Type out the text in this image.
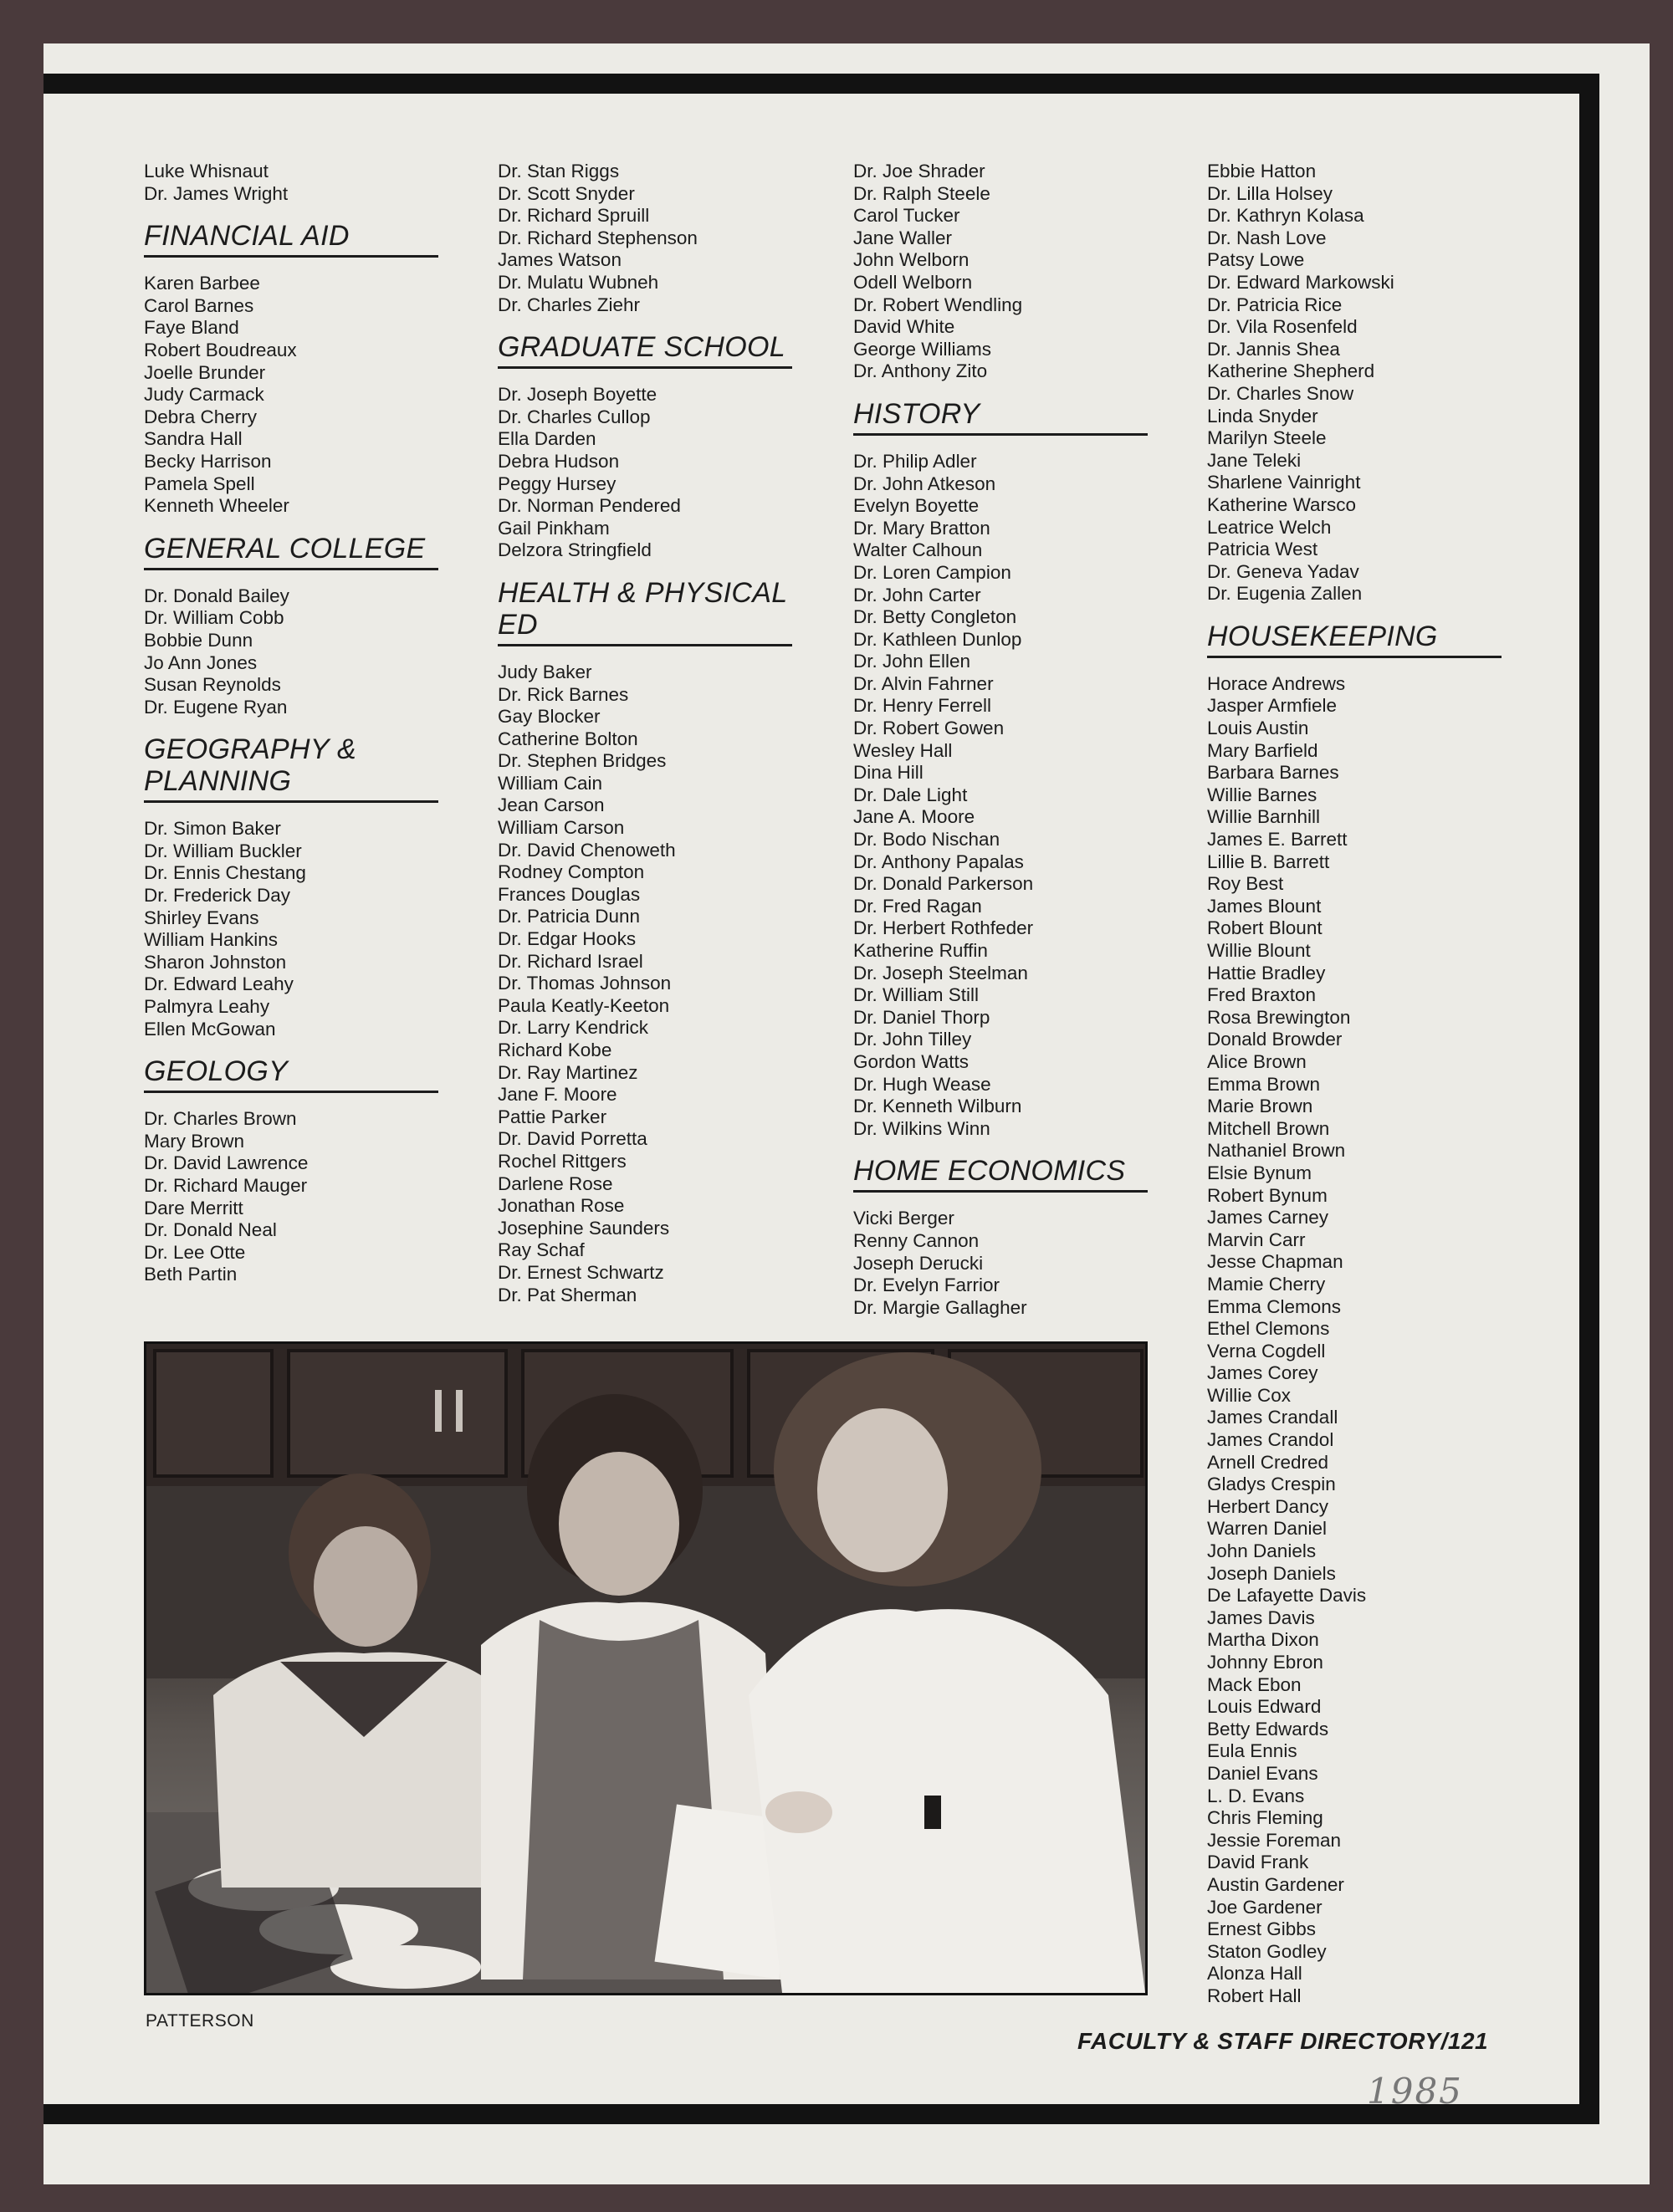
Luke Whisnaut
Dr. James Wright
FINANCIAL AID
Karen Barbee
Carol Barnes
Faye Bland
Robert Boudreaux
Joelle Brunder
Judy Carmack
Debra Cherry
Sandra Hall
Becky Harrison
Pamela Spell
Kenneth Wheeler
GENERAL COLLEGE
Dr. Donald Bailey
Dr. William Cobb
Bobbie Dunn
Jo Ann Jones
Susan Reynolds
Dr. Eugene Ryan
GEOGRAPHY & PLANNING
Dr. Simon Baker
Dr. William Buckler
Dr. Ennis Chestang
Dr. Frederick Day
Shirley Evans
William Hankins
Sharon Johnston
Dr. Edward Leahy
Palmyra Leahy
Ellen McGowan
GEOLOGY
Dr. Charles Brown
Mary Brown
Dr. David Lawrence
Dr. Richard Mauger
Dare Merritt
Dr. Donald Neal
Dr. Lee Otte
Beth Partin
Dr. Stan Riggs
Dr. Scott Snyder
Dr. Richard Spruill
Dr. Richard Stephenson
James Watson
Dr. Mulatu Wubneh
Dr. Charles Ziehr
GRADUATE SCHOOL
Dr. Joseph Boyette
Dr. Charles Cullop
Ella Darden
Debra Hudson
Peggy Hursey
Dr. Norman Pendered
Gail Pinkham
Delzora Stringfield
HEALTH & PHYSICAL ED
Judy Baker
Dr. Rick Barnes
Gay Blocker
Catherine Bolton
Dr. Stephen Bridges
William Cain
Jean Carson
William Carson
Dr. David Chenoweth
Rodney Compton
Frances Douglas
Dr. Patricia Dunn
Dr. Edgar Hooks
Dr. Richard Israel
Dr. Thomas Johnson
Paula Keatly-Keeton
Dr. Larry Kendrick
Richard Kobe
Dr. Ray Martinez
Jane F. Moore
Pattie Parker
Dr. David Porretta
Rochel Rittgers
Darlene Rose
Jonathan Rose
Josephine Saunders
Ray Schaf
Dr. Ernest Schwartz
Dr. Pat Sherman
Dr. Joe Shrader
Dr. Ralph Steele
Carol Tucker
Jane Waller
John Welborn
Odell Welborn
Dr. Robert Wendling
David White
George Williams
Dr. Anthony Zito
HISTORY
Dr. Philip Adler
Dr. John Atkeson
Evelyn Boyette
Dr. Mary Bratton
Walter Calhoun
Dr. Loren Campion
Dr. John Carter
Dr. Betty Congleton
Dr. Kathleen Dunlop
Dr. John Ellen
Dr. Alvin Fahrner
Dr. Henry Ferrell
Dr. Robert Gowen
Wesley Hall
Dina Hill
Dr. Dale Light
Jane A. Moore
Dr. Bodo Nischan
Dr. Anthony Papalas
Dr. Donald Parkerson
Dr. Fred Ragan
Dr. Herbert Rothfeder
Katherine Ruffin
Dr. Joseph Steelman
Dr. William Still
Dr. Daniel Thorp
Dr. John Tilley
Gordon Watts
Dr. Hugh Wease
Dr. Kenneth Wilburn
Dr. Wilkins Winn
HOME ECONOMICS
Vicki Berger
Renny Cannon
Joseph Derucki
Dr. Evelyn Farrior
Dr. Margie Gallagher
Ebbie Hatton
Dr. Lilla Holsey
Dr. Kathryn Kolasa
Dr. Nash Love
Patsy Lowe
Dr. Edward Markowski
Dr. Patricia Rice
Dr. Vila Rosenfeld
Dr. Jannis Shea
Katherine Shepherd
Dr. Charles Snow
Linda Snyder
Marilyn Steele
Jane Teleki
Sharlene Vainright
Katherine Warsco
Leatrice Welch
Patricia West
Dr. Geneva Yadav
Dr. Eugenia Zallen
HOUSEKEEPING
Horace Andrews
Jasper Armfiele
Louis Austin
Mary Barfield
Barbara Barnes
Willie Barnes
Willie Barnhill
James E. Barrett
Lillie B. Barrett
Roy Best
James Blount
Robert Blount
Willie Blount
Hattie Bradley
Fred Braxton
Rosa Brewington
Donald Browder
Alice Brown
Emma Brown
Marie Brown
Mitchell Brown
Nathaniel Brown
Elsie Bynum
Robert Bynum
James Carney
Marvin Carr
Jesse Chapman
Mamie Cherry
Emma Clemons
Ethel Clemons
Verna Cogdell
James Corey
Willie Cox
James Crandall
James Crandol
Arnell Credred
Gladys Crespin
Herbert Dancy
Warren Daniel
John Daniels
Joseph Daniels
De Lafayette Davis
James Davis
Martha Dixon
Johnny Ebron
Mack Ebon
Louis Edward
Betty Edwards
Eula Ennis
Daniel Evans
L. D. Evans
Chris Fleming
Jessie Foreman
David Frank
Austin Gardener
Joe Gardener
Ernest Gibbs
Staton Godley
Alonza Hall
Robert Hall
PATTERSON
FACULTY & STAFF DIRECTORY/121
1985
